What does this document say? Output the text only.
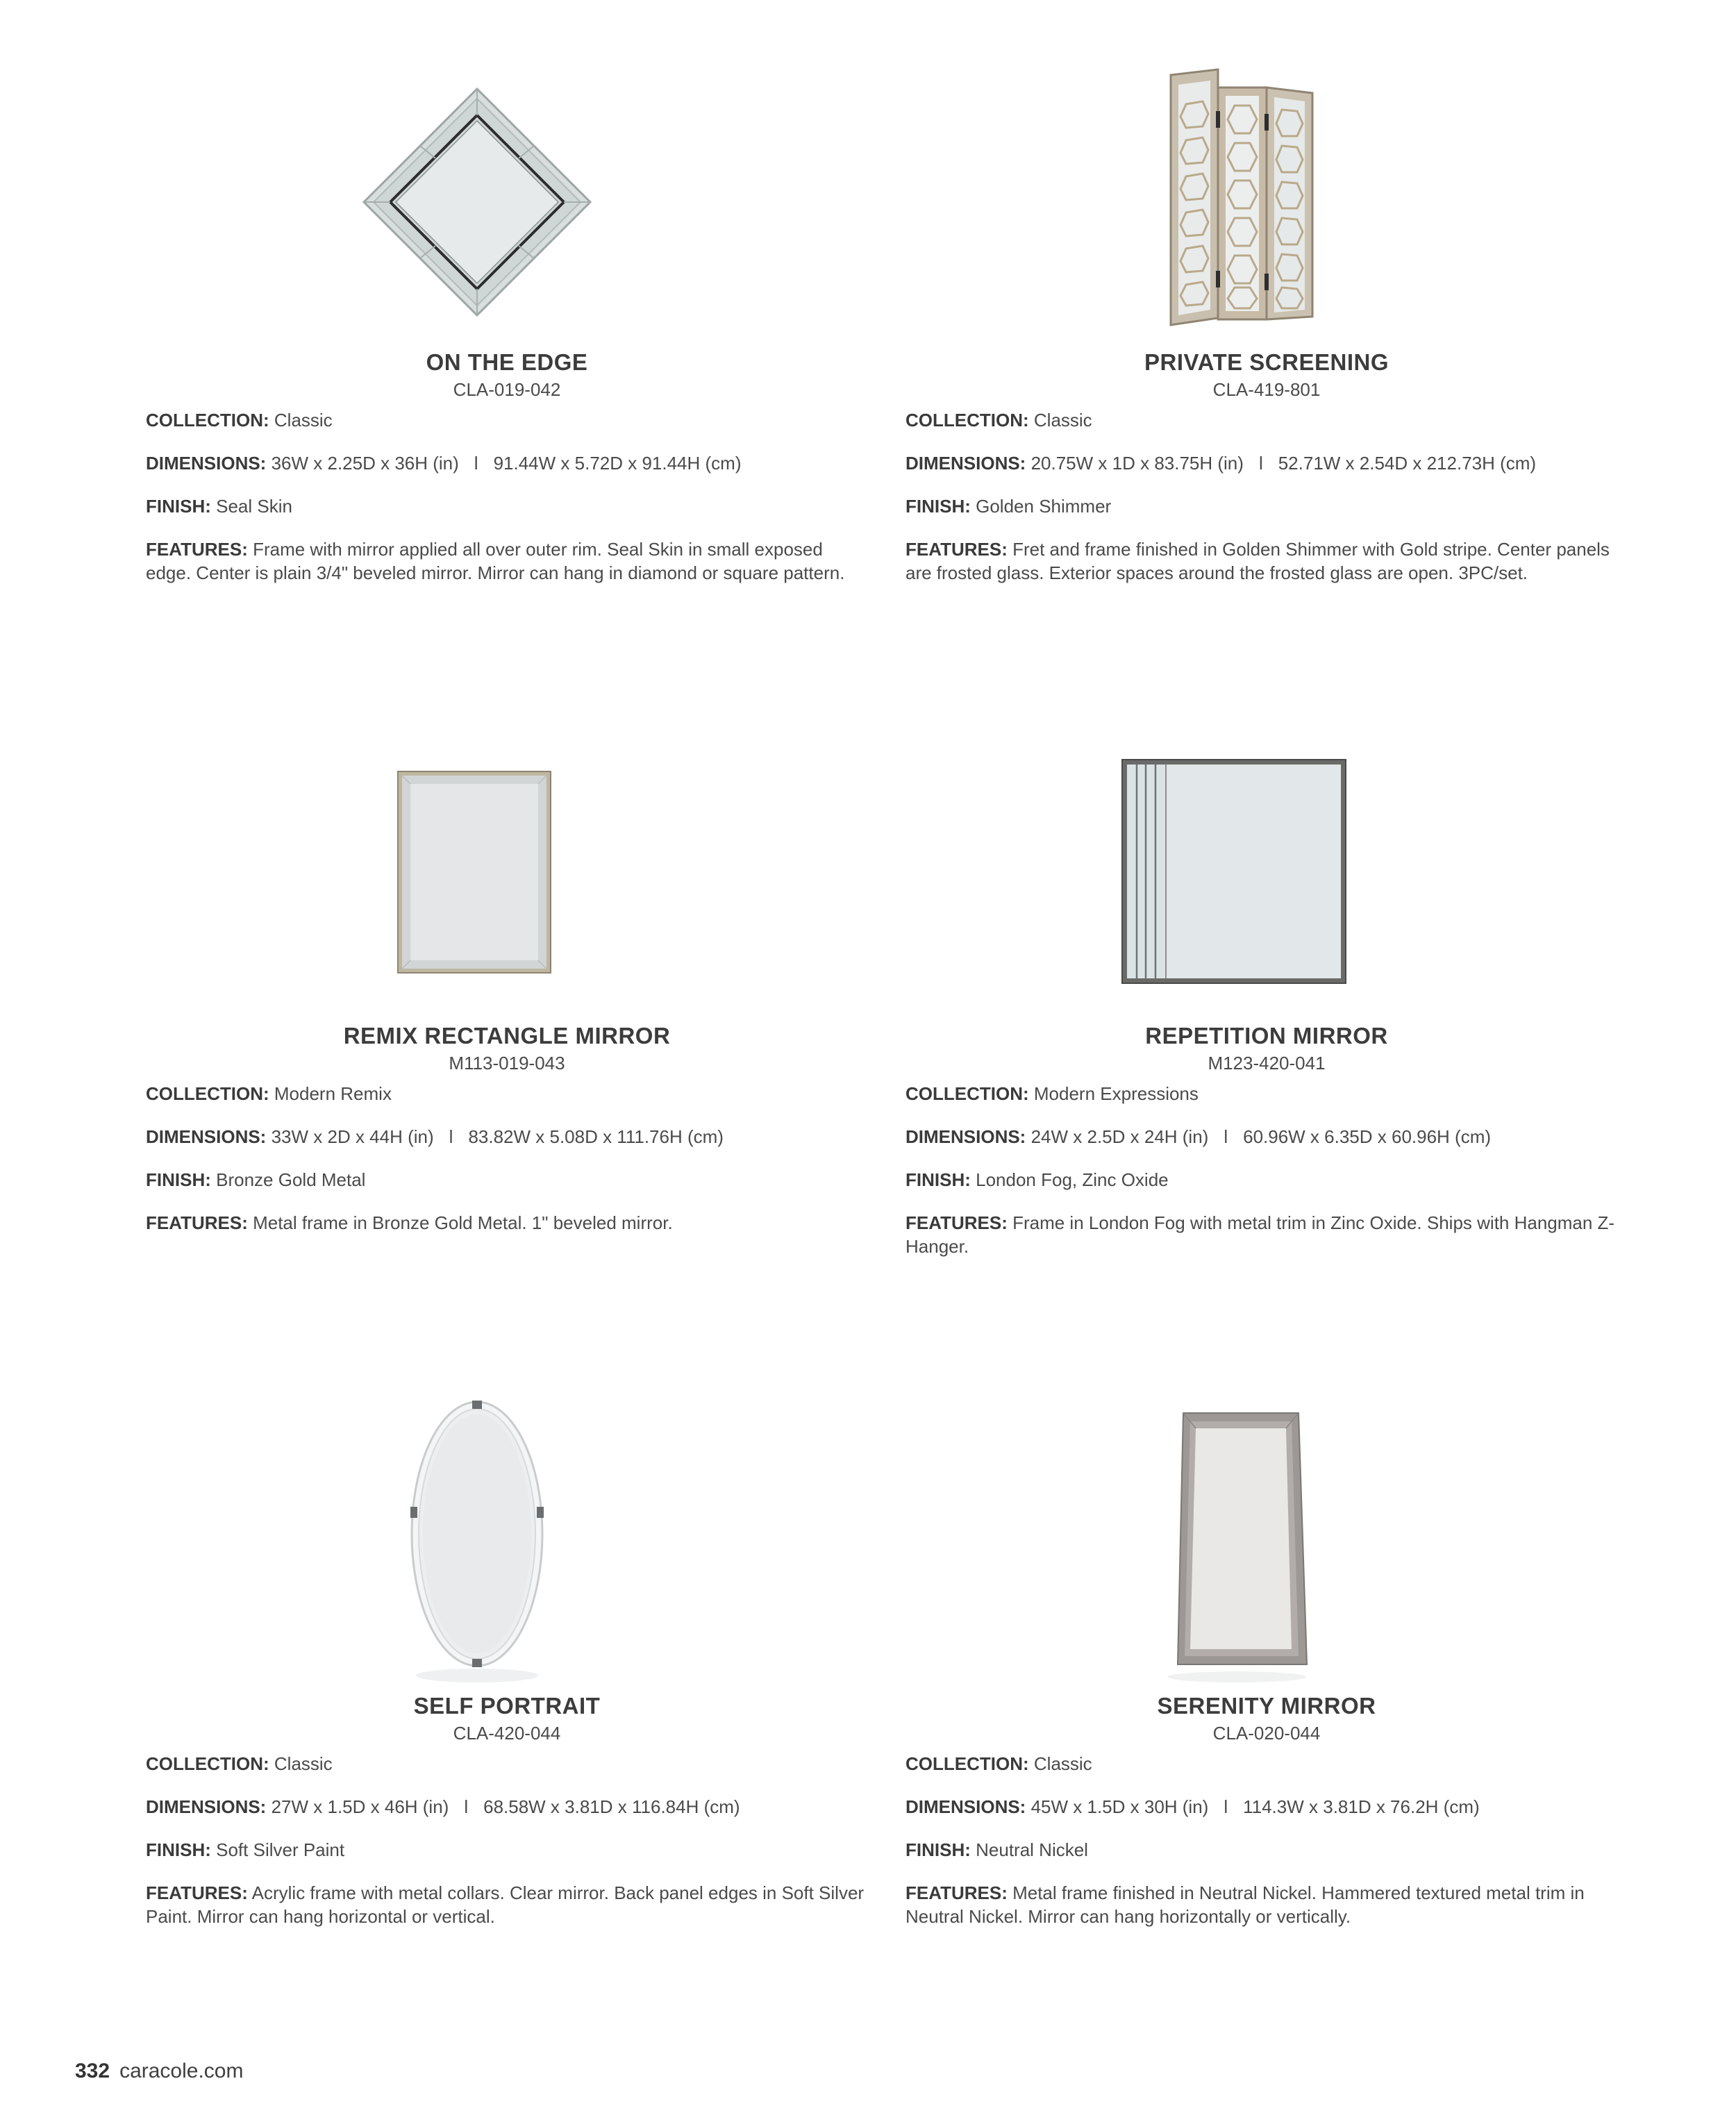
ON THE EDGE
CLA-019-042
COLLECTION: Classic
DIMENSIONS: 36W x 2.25D x 36H (in) l 91.44W x 5.72D x 91.44H (cm)
FINISH: Seal Skin
FEATURES: Frame with mirror applied all over outer rim. Seal Skin in small exposed edge. Center is plain 3/4" beveled mirror. Mirror can hang in diamond or square pattern.
PRIVATE SCREENING
CLA-419-801
COLLECTION: Classic
DIMENSIONS: 20.75W x 1D x 83.75H (in) l 52.71W x 2.54D x 212.73H (cm)
FINISH: Golden Shimmer
FEATURES: Fret and frame finished in Golden Shimmer with Gold stripe. Center panels are frosted glass. Exterior spaces around the frosted glass are open. 3PC/set.
REMIX RECTANGLE MIRROR
M113-019-043
COLLECTION: Modern Remix
DIMENSIONS: 33W x 2D x 44H (in) l 83.82W x 5.08D x 111.76H (cm)
FINISH: Bronze Gold Metal
FEATURES: Metal frame in Bronze Gold Metal. 1" beveled mirror.
REPETITION MIRROR
M123-420-041
COLLECTION: Modern Expressions
DIMENSIONS: 24W x 2.5D x 24H (in) l 60.96W x 6.35D x 60.96H (cm)
FINISH: London Fog, Zinc Oxide
FEATURES: Frame in London Fog with metal trim in Zinc Oxide. Ships with Hangman Z-Hanger.
SELF PORTRAIT
CLA-420-044
COLLECTION: Classic
DIMENSIONS: 27W x 1.5D x 46H (in) l 68.58W x 3.81D x 116.84H (cm)
FINISH: Soft Silver Paint
FEATURES: Acrylic frame with metal collars. Clear mirror. Back panel edges in Soft Silver Paint. Mirror can hang horizontal or vertical.
SERENITY MIRROR
CLA-020-044
COLLECTION: Classic
DIMENSIONS: 45W x 1.5D x 30H (in) l 114.3W x 3.81D x 76.2H (cm)
FINISH: Neutral Nickel
FEATURES: Metal frame finished in Neutral Nickel. Hammered textured metal trim in Neutral Nickel. Mirror can hang horizontally or vertically.
332 caracole.com
